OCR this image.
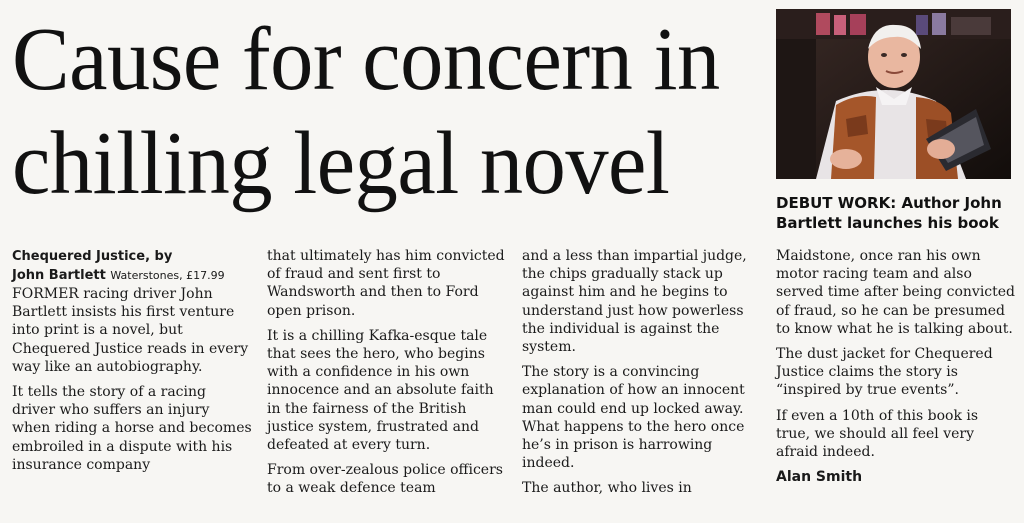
Cause for concern in
chilling legal novel	DEBUT WORK: Author John
Bartlett launches his book
Chequered Justice, by
John Bartlett Waterstones, £17.99

FORMER racing driver John Bartlett insists his first venture into print is a novel, but Chequered Justice reads in every way like an autobiography.

It tells the story of a racing driver who suffers an injury when riding a horse and becomes embroiled in a dispute with his insurance company

that ultimately has him convicted of fraud and sent first to Wandsworth and then to Ford open prison.

It is a chilling Kafka-esque tale that sees the hero, who begins with a confidence in his own innocence and an absolute faith in the fairness of the British justice system, frustrated and defeated at every turn.

From over-zealous police officers to a weak defence team

and a less than impartial judge, the chips gradually stack up against him and he begins to understand just how powerless the individual is against the system.

The story is a convincing explanation of how an innocent man could end up locked away. What happens to the hero once he’s in prison is harrowing indeed.

The author, who lives in

Maidstone, once ran his own motor racing team and also served time after being convicted of fraud, so he can be presumed to know what he is talking about.

The dust jacket for Chequered Justice claims the story is “inspired by true events”.

If even a 10th of this book is true, we should all feel very afraid indeed.

Alan Smith
